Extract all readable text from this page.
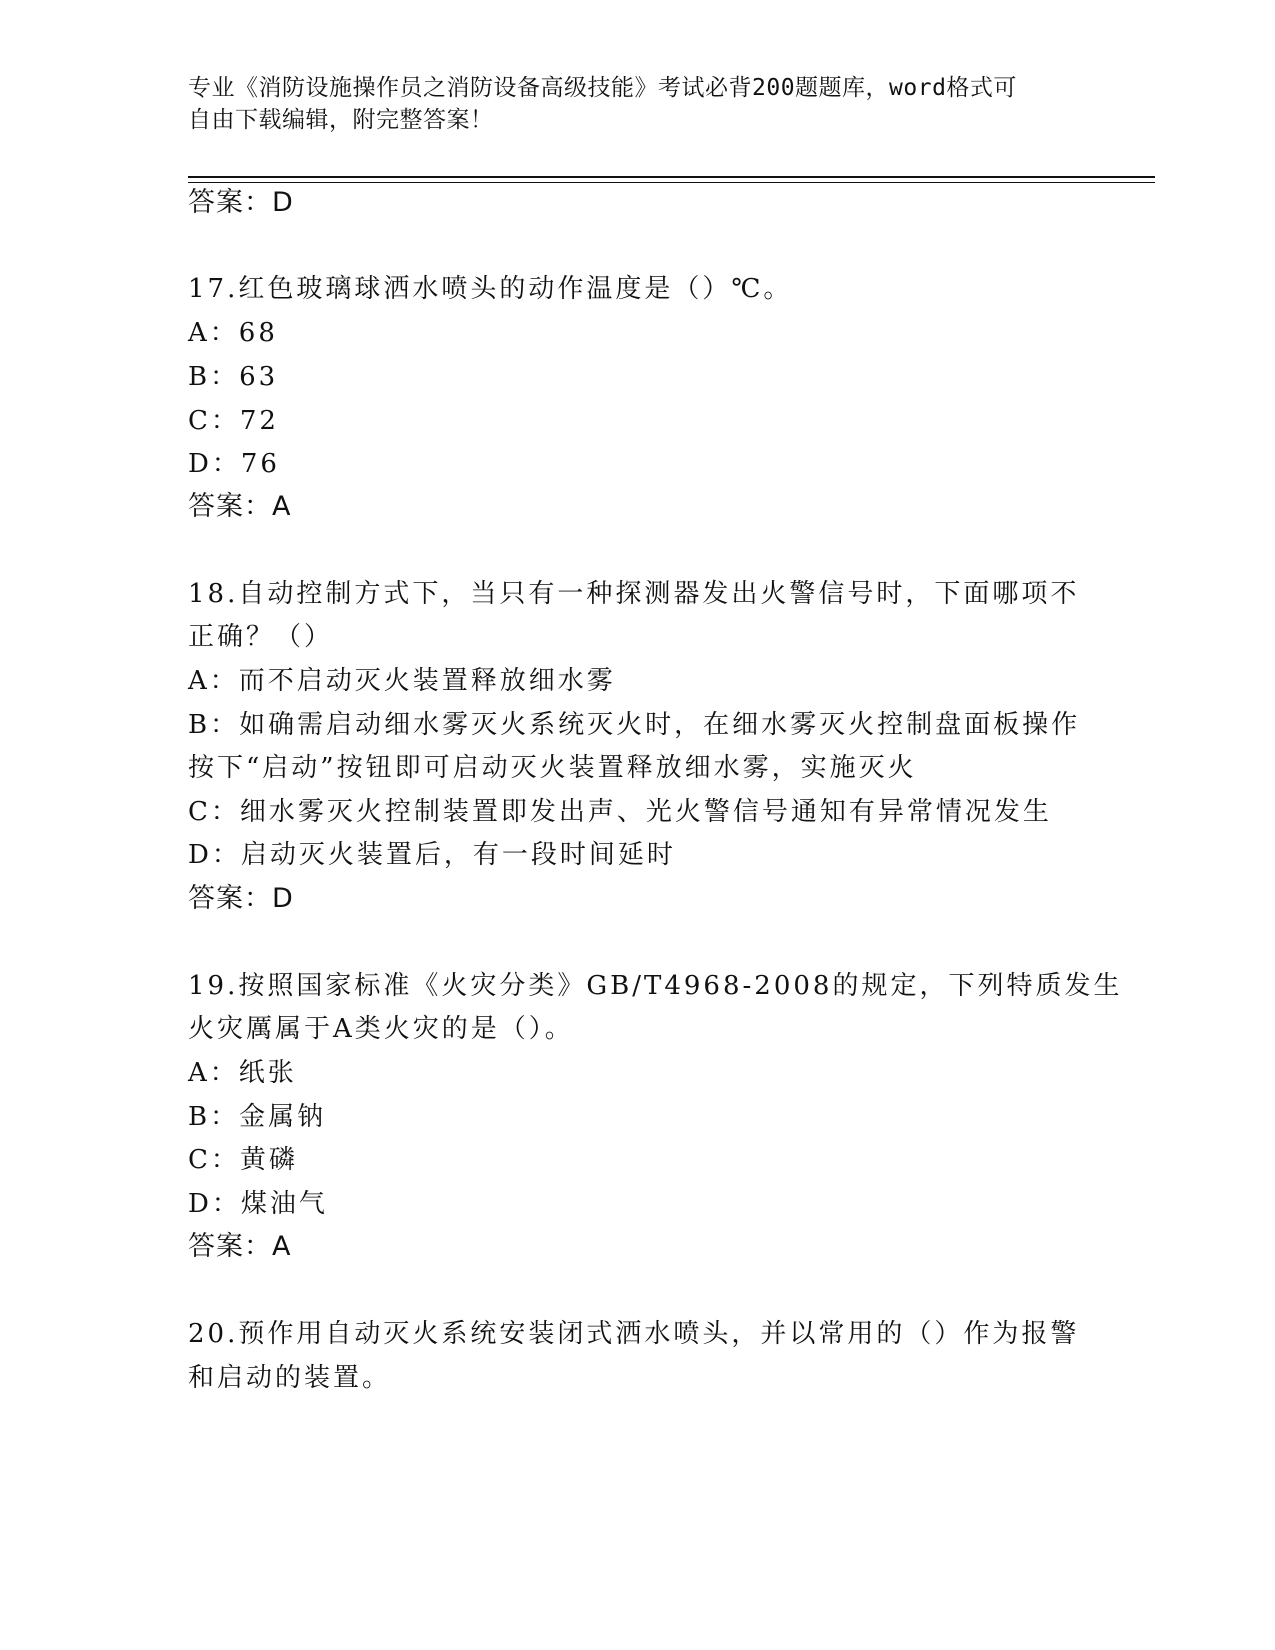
专业《消防设施操作员之消防设备高级技能》考试必背200题题库，word格式可
自由下载编辑，附完整答案！
答案：D
17.红色玻璃球洒水喷头的动作温度是（）℃。
A：68
B：63
C：72
D：76
答案：A
18.自动控制方式下，当只有一种探测器发出火警信号时，下面哪项不
正确？（）
A：而不启动灭火装置释放细水雾
B：如确需启动细水雾灭火系统灭火时，在细水雾灭火控制盘面板操作
按下“启动”按钮即可启动灭火装置释放细水雾，实施灭火
C：细水雾灭火控制装置即发出声、光火警信号通知有异常情况发生
D：启动灭火装置后，有一段时间延时
答案：D
19.按照国家标准《火灾分类》GB/T4968-2008的规定，下列特质发生
火灾厲属于A类火灾的是（）。
A：纸张
B：金属钠
C：黄磷
D：煤油气
答案：A
20.预作用自动灭火系统安装闭式洒水喷头，并以常用的（）作为报警
和启动的装置。
